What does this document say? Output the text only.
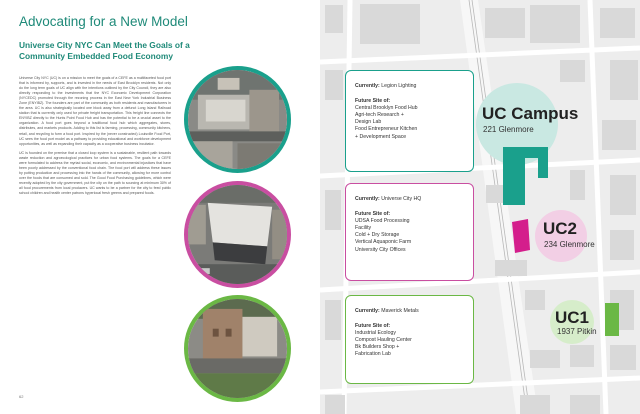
Advocating for a New Model
Universe City NYC Can Meet the Goals of a Community Embedded Food Economy

Universe City NYC (UC) is on a mission to meet the goals of a CEFE as a multifaceted food port that is informed by, supports, and is invested in the needs of East Brooklyn residents. Not only do the long term goals of UC align with the intentions outlined by the City Council, they are also directly responding to the investments that the NYC Economic Development Corporation (NYCEDC) promoted through the rezoning process in the East New York Industrial Business Zone (ENYIBZ). The founders are part of the community as both residents and manufacturers in the area. UC is also strategically located one block away from a defunct Long Island Railroad station that is currently only used for private freight transportation. This freight line connects the ENYIBZ directly to the Hunts Point Food Hub and has the potential to be a crucial asset to the organization. A food port goes beyond a traditional food hub which aggregates, stores, distributes, and markets products. Adding to this list is farming, processing, community kitchens, retail, and recycling to form a food port. Inspired by the (never constructed) Louisville Food Port, UC sees the food port model as a pathway to providing educational and workforce development opportunities, as well as expanding their capacity as a cooperative business incubator.

UC is founded on the premise that a closed loop system is a sustainable, resilient path towards waste reduction and agroecological practices for urban food systems. The goals for a CEFE were formulated to address the myriad social, economic, and environmental injustices that have been poorly addressed by the conventional food chain. The food port will address these issues by putting production and processing into the hands of the community, allowing for more control over the foods that are consumed and sold. The Good Food Purchasing guidelines, which were recently adopted by the city government, put the city on the path to sourcing at minimum 30% of all food procurements from local producers. UC wants to be a partner for the city to feed public school children and health center patrons hyperlocal fresh greens and prepared foods.

62
UC Campus
221 Glenmore
UC2
234 Glenmore
UC1
1937 Pitkin
Currently: Legion Lighting
Future Site of:
Central Brooklyn Food Hub
Agri-tech Research +
Design Lab
Food Entrepreneur Kitchen
+ Development Space
Currently: Universe City HQ
Future Site of:
UDSA Food Processing
Facility
Cold + Dry Storage
Vertical Aquaponic Farm
University City Offices
Currently: Maverick Metals
Future Site of:
Industrial Ecology
Compost Hauling Center
Bk Builders Shop +
Fabrication Lab
